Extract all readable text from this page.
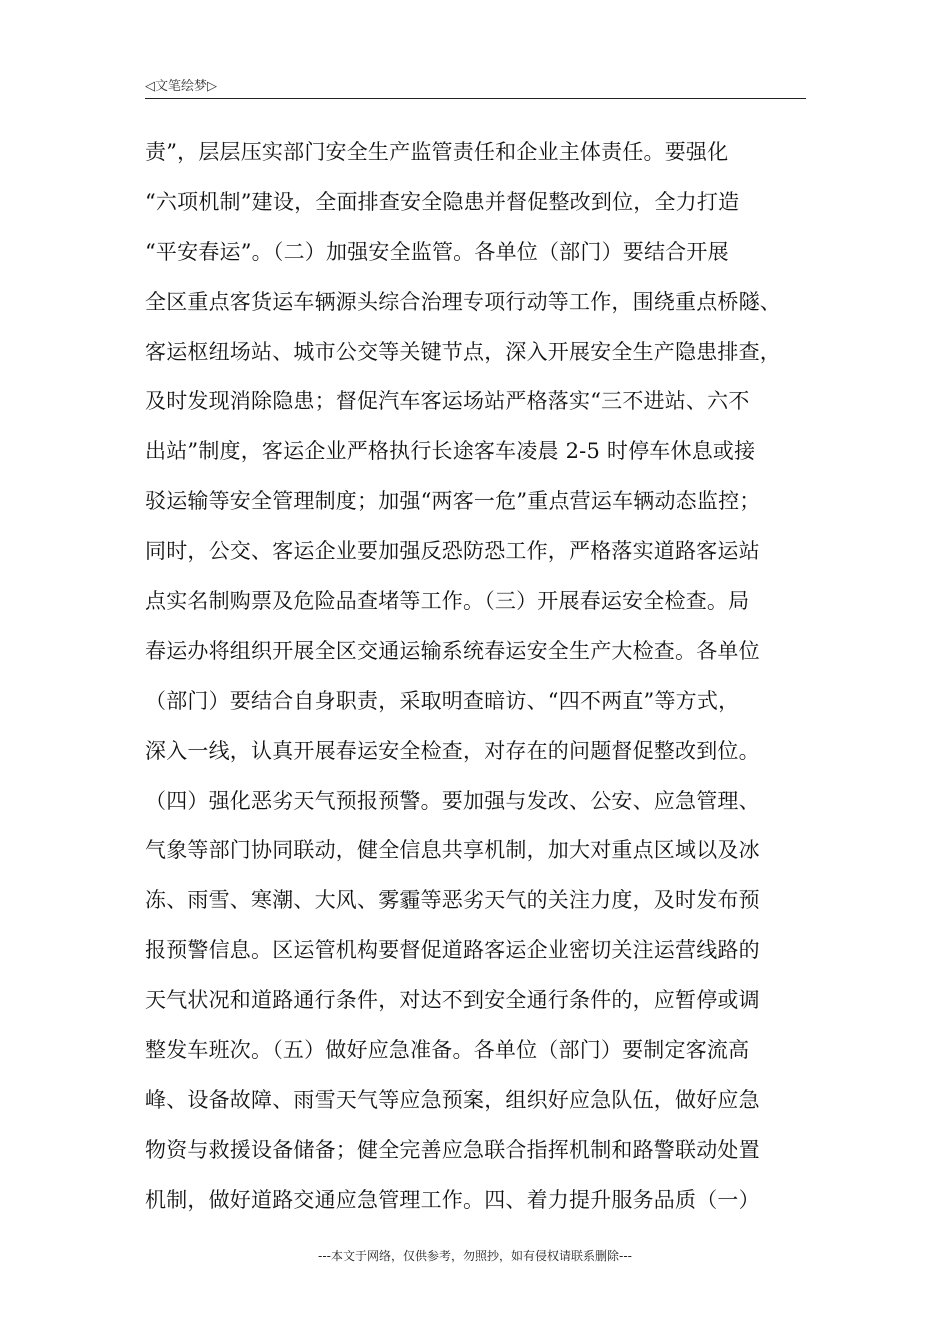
◁文笔绘梦▷
责”，层层压实部门安全生产监管责任和企业主体责任。要强化
“六项机制”建设，全面排查安全隐患并督促整改到位，全力打造
“平安春运”。（二）加强安全监管。各单位（部门）要结合开展
全区重点客货运车辆源头综合治理专项行动等工作，围绕重点桥隧、
客运枢纽场站、城市公交等关键节点，深入开展安全生产隐患排查，
及时发现消除隐患；督促汽车客运场站严格落实“三不进站、六不
出站”制度，客运企业严格执行长途客车凌晨 2-5 时停车休息或接
驳运输等安全管理制度；加强“两客一危”重点营运车辆动态监控；
同时，公交、客运企业要加强反恐防恐工作，严格落实道路客运站
点实名制购票及危险品查堵等工作。（三）开展春运安全检查。局
春运办将组织开展全区交通运输系统春运安全生产大检查。各单位
（部门）要结合自身职责，采取明查暗访、“四不两直”等方式，
深入一线，认真开展春运安全检查，对存在的问题督促整改到位。
（四）强化恶劣天气预报预警。要加强与发改、公安、应急管理、
气象等部门协同联动，健全信息共享机制，加大对重点区域以及冰
冻、雨雪、寒潮、大风、雾霾等恶劣天气的关注力度，及时发布预
报预警信息。区运管机构要督促道路客运企业密切关注运营线路的
天气状况和道路通行条件，对达不到安全通行条件的，应暂停或调
整发车班次。（五）做好应急准备。各单位（部门）要制定客流高
峰、设备故障、雨雪天气等应急预案，组织好应急队伍，做好应急
物资与救援设备储备；健全完善应急联合指挥机制和路警联动处置
机制，做好道路交通应急管理工作。四、着力提升服务品质（一）
---本文于网络，仅供参考，勿照抄，如有侵权请联系删除---
